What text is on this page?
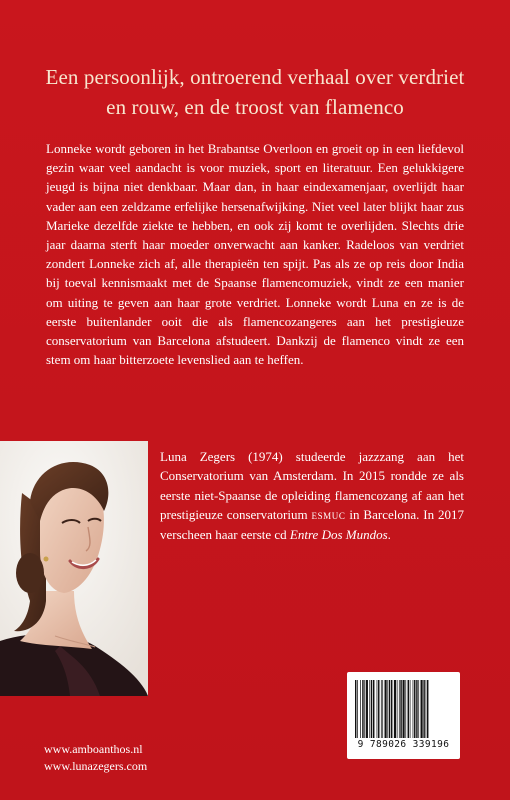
Een persoonlijk, ontroerend verhaal over verdriet en rouw, en de troost van flamenco
Lonneke wordt geboren in het Brabantse Overloon en groeit op in een liefdevol gezin waar veel aandacht is voor muziek, sport en literatuur. Een gelukkigere jeugd is bijna niet denkbaar. Maar dan, in haar eindexamenjaar, overlijdt haar vader aan een zeldzame erfelijke hersenafwijking. Niet veel later blijkt haar zus Marieke dezelfde ziekte te hebben, en ook zij komt te overlijden. Slechts drie jaar daarna sterft haar moeder onverwacht aan kanker. Radeloos van verdriet zondert Lonneke zich af, alle therapieën ten spijt. Pas als ze op reis door India bij toeval kennismaakt met de Spaanse flamencomuziek, vindt ze een manier om uiting te geven aan haar grote verdriet. Lonneke wordt Luna en ze is de eerste buitenlander ooit die als flamencozangeres aan het prestigieuze conservatorium van Barcelona afstudeert. Dankzij de flamenco vindt ze een stem om haar bitterzoete levenslied aan te heffen.
Luna Zegers (1974) studeerde jazzzang aan het Conservatorium van Amsterdam. In 2015 rondde ze als eerste niet-Spaanse de opleiding flamencozang af aan het prestigieuze conservatorium esmuc in Barcelona. In 2017 verscheen haar eerste cd Entre Dos Mundos.
www.amboanthos.nl
www.lunazegers.com
9 789026 339196
